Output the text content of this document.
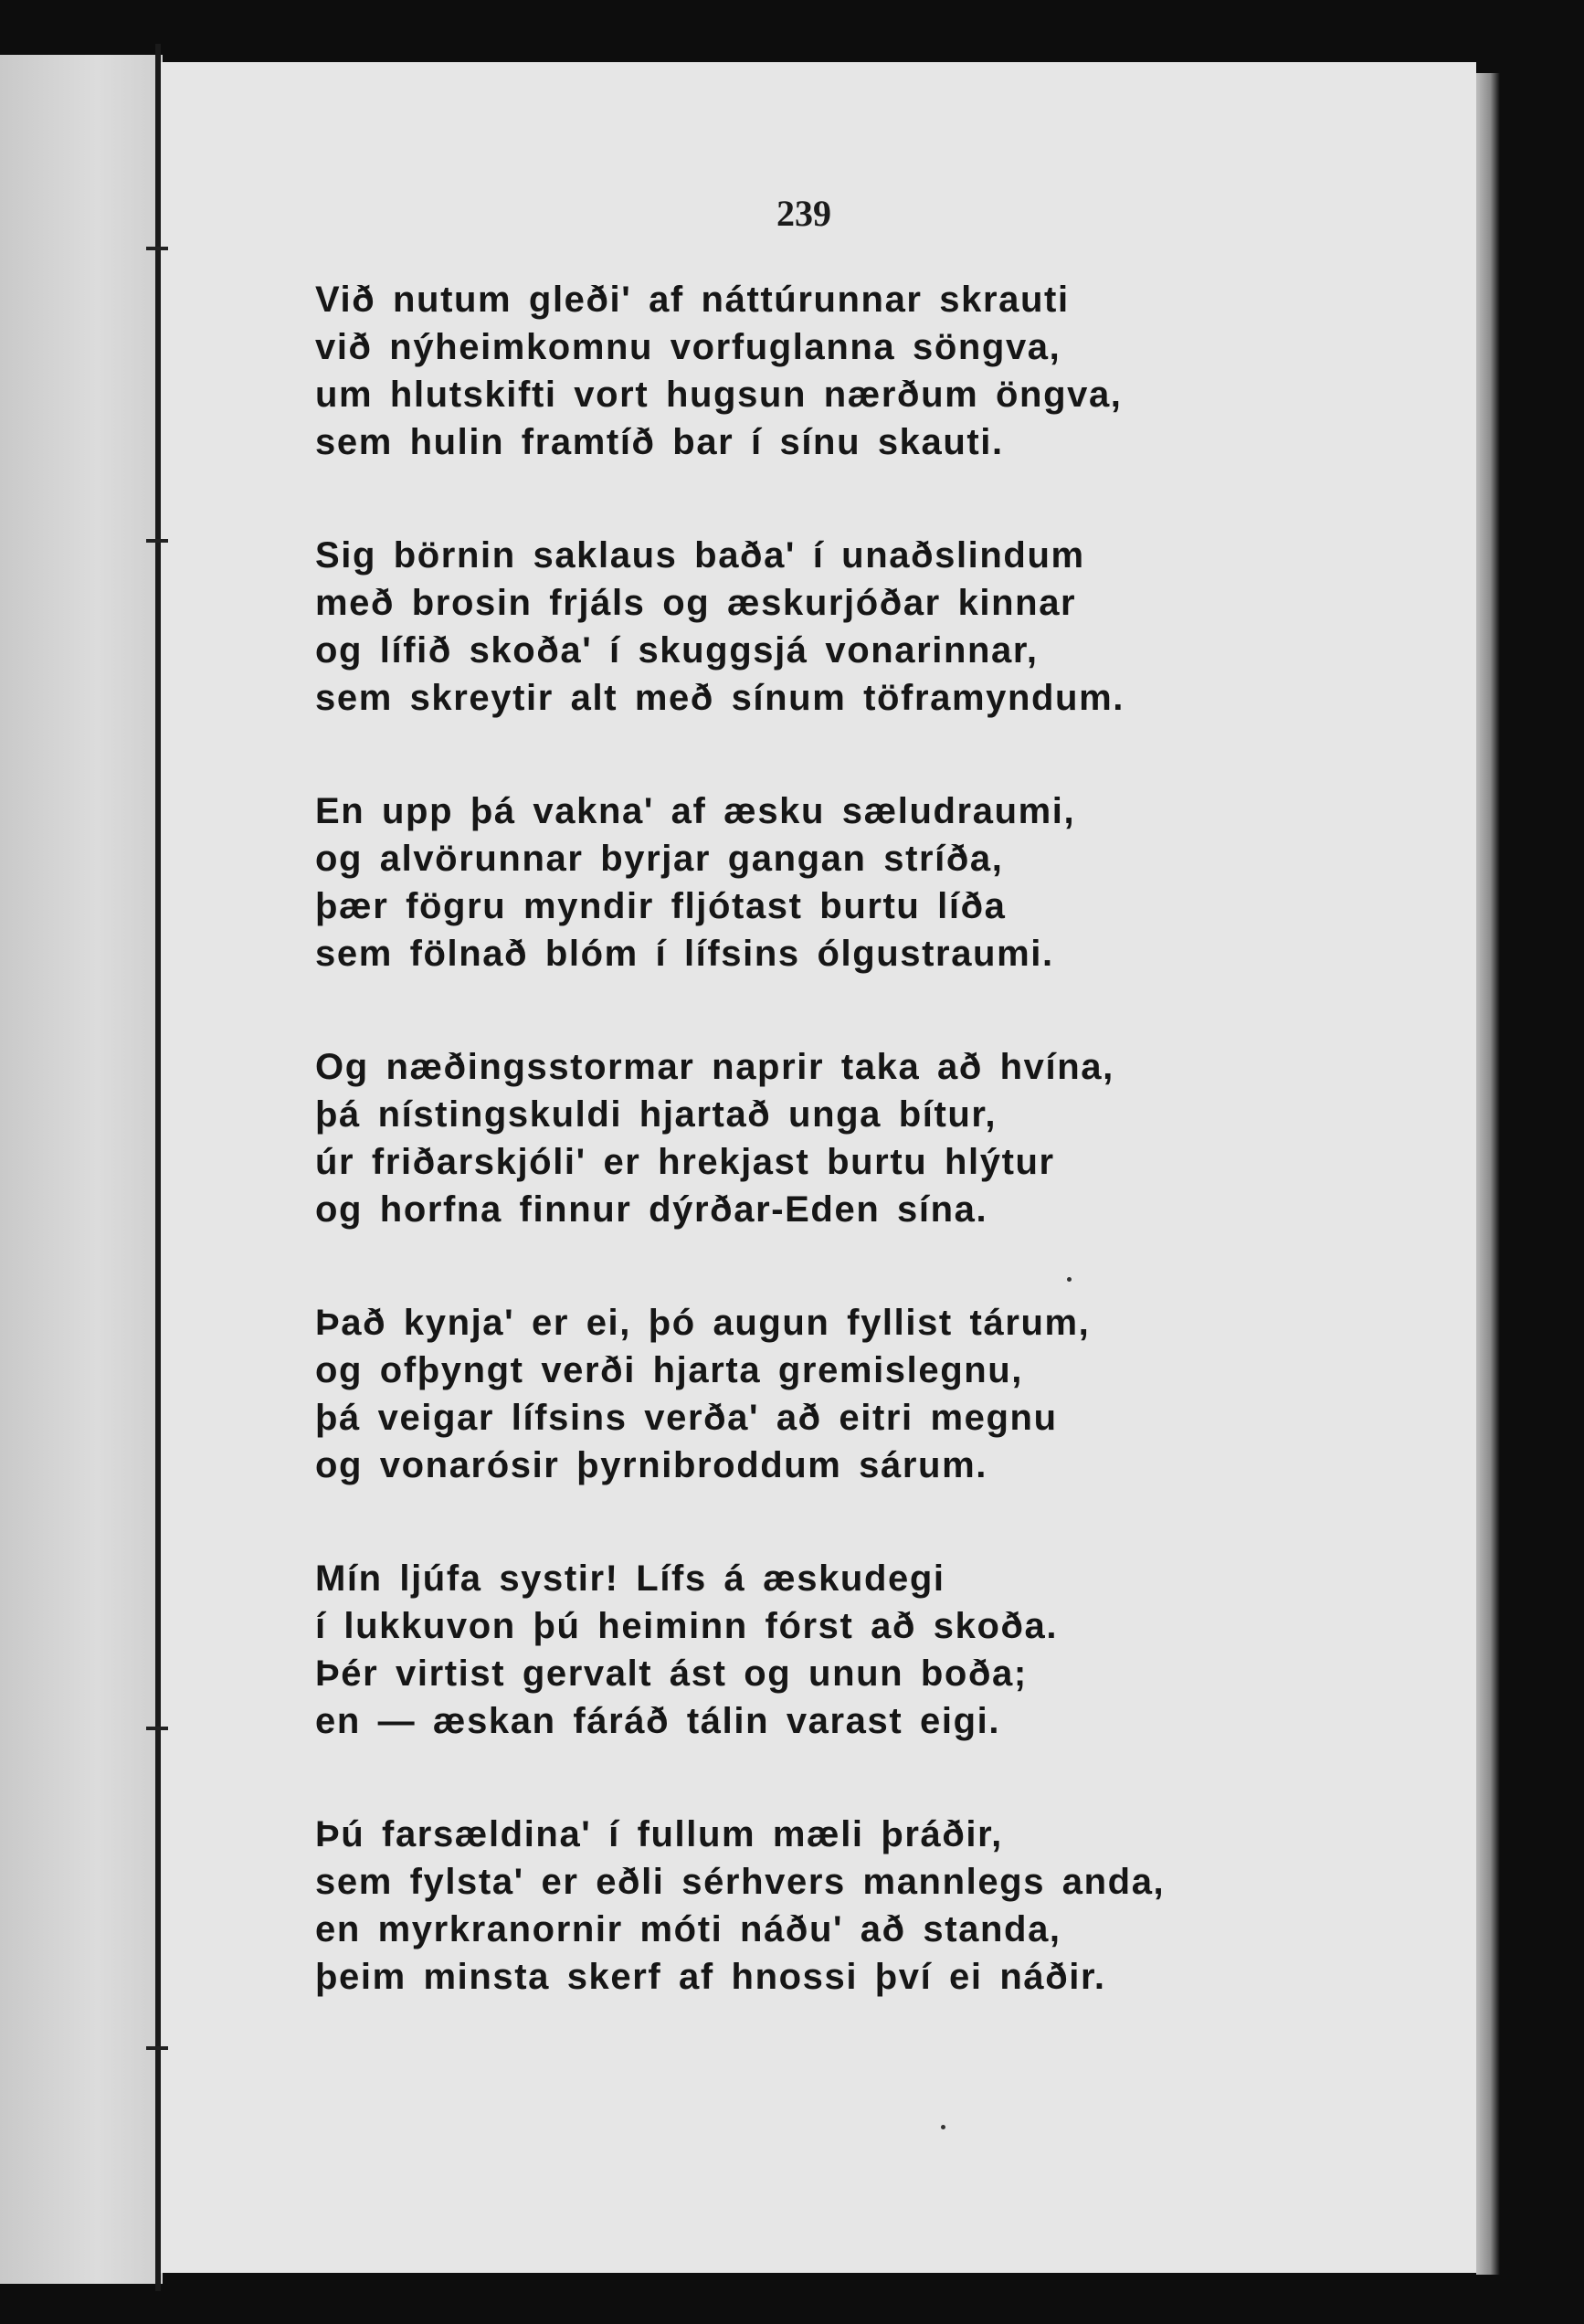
239
Við nutum gleði' af náttúrunnar skrauti
við nýheimkomnu vorfuglanna söngva,
um hlutskifti vort hugsun nærðum öngva,
sem hulin framtíð bar í sínu skauti.
Sig börnin saklaus baða' í unaðslindum
með brosin frjáls og æskurjóðar kinnar
og lífið skoða' í skuggsjá vonarinnar,
sem skreytir alt með sínum töframyndum.
En upp þá vakna' af æsku sæludraumi,
og alvörunnar byrjar gangan stríða,
þær fögru myndir fljótast burtu líða
sem fölnað blóm í lífsins ólgustraumi.
Og næðingsstormar naprir taka að hvína,
þá nístingskuldi hjartað unga bítur,
úr friðarskjóli' er hrekjast burtu hlýtur
og horfna finnur dýrðar-Eden sína.
Það kynja' er ei, þó augun fyllist tárum,
og ofþyngt verði hjarta gremislegnu,
þá veigar lífsins verða' að eitri megnu
og vonarósir þyrnibroddum sárum.
Mín ljúfa systir! Lífs á æskudegi
í lukkuvon þú heiminn fórst að skoða.
Þér virtist gervalt ást og unun boða;
en — æskan fáráð tálin varast eigi.
Þú farsældina' í fullum mæli þráðir,
sem fylsta' er eðli sérhvers mannlegs anda,
en myrkranornir móti náðu' að standa,
þeim minsta skerf af hnossi því ei náðir.
